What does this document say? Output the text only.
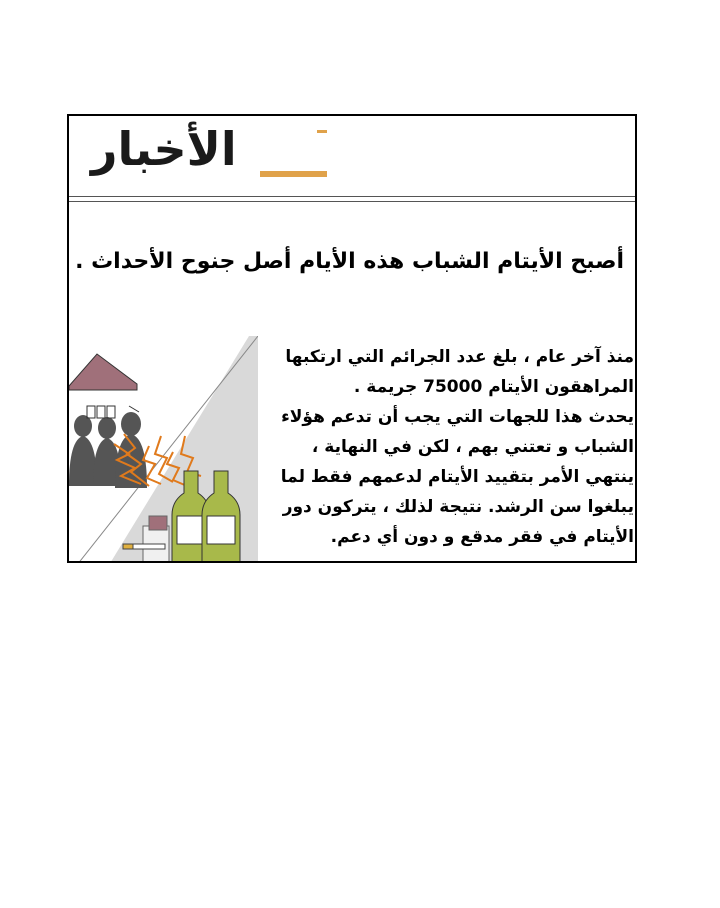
الأخبار
أصبح الأيتام الشباب هذه الأيام أصل جنوح الأحداث .

منذ آخر عام ، بلغ عدد الجرائم التي ارتكبها

المراهقون الأيتام 75000 جريمة .

يحدث هذا للجهات التي يجب أن تدعم هؤلاء الشباب و تعتني بهم ، لكن في النهاية ، ينتهي الأمر بتقييد الأيتام لدعمهم فقط لما يبلغوا سن الرشد. نتيجة لذلك ، يتركون دور الأيتام في فقر مدقع و دون أي دعم.
